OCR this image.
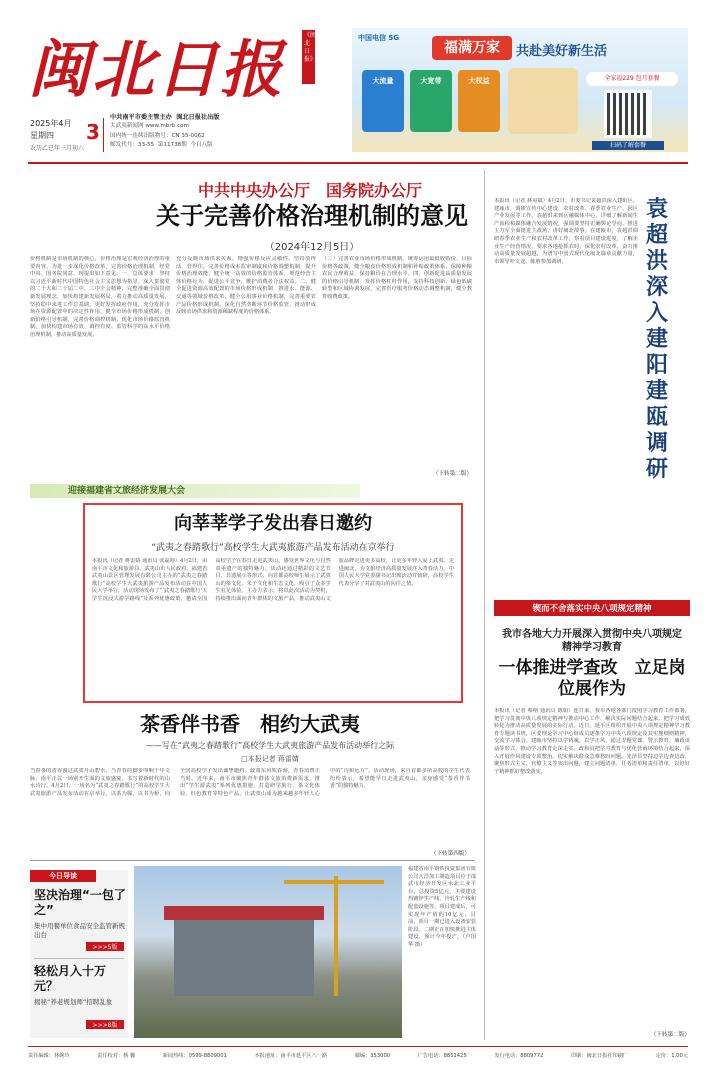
闽北日报	《闽北日报》
2025年4月
星期四
农历乙巳年三月初六
3
中共南平市委主管主办 闽北日报社出版
大武夷新闻网 www.mbrb.com
国内统一连续出版物号：CN 35-0062
邮发代号：33-55 第11738期 今日八版
中国电信 5G
福满万家	共赴美好新生活
大流量	大宽带	大权益	全家福229 包月套餐
扫码了解套餐
中共中央办公厅　国务院办公厅
关于完善价格治理机制的意见
（2024年12月5日）
价格机制是市场机制的核心，价格治理是宏观经济治理的重要内容。为进一步深化价格改革，完善价格治理机制，经党中央、国务院同意，现提出如下意见。一、总体要求　坚持以习近平新时代中国特色社会主义思想为指导，深入贯彻党的二十大和二十届二中、三中全会精神，完整准确全面贯彻新发展理念，加快构建新发展格局，着力推动高质量发展，坚持稳中求进工作总基调，更好发挥政府作用，充分发挥市场在资源配置中的决定性作用，健全市场价格形成机制，创新价格引导机制，完善价格调控机制，优化市场价格监管机制，加快构建市场有效、调控有度、监管科学的高水平价格治理机制，推动高质量发展。
充分反映市场供求关系，增强价格反应灵敏性。坚持放得活、管得住，完善价格成本监审制度和价格调整机制，提升价格治理效能，健全统一高效的价格监管体系，规范经营主体价格行为，促进公平竞争，维护消费者合法权益。二、健全促进资源高效配置的市场价格形成机制　推进水、能源、交通等领域价格改革，健全公用事业价格机制，完善重要农产品价格形成机制，深化自然垄断环节价格监管，推动形成反映市场供求和资源稀缺程度的价格体系。
（三）完善农业市场价格形成机制。统筹运用最低收购价、目标价格等政策，健全粮食价格形成机制和补贴政策体系，保障种粮农民合理收益，保持粮价在合理水平。四、创新促进高质量发展的价格引导机制　发挥价格杠杆作用，支持科技创新、绿色低碳转型和区域协调发展，完善医疗服务价格动态调整机制，健全教育收费政策。
（下转第二版）
本报讯（记者 林易斌）4月2日，市委书记袁超洪深入建阳区、建瓯市，调研宣传中心建设、农村改革、春季农业生产、园区产业发展等工作。袁超洪来到区融媒体中心，详细了解新闻生产流程和媒体融合发展情况，强调要坚持正确舆论导向，推进主力军全面挺进主战场，讲好闽北故事。在建瓯市，袁超洪调研春季农业生产和农村改革工作，察看项目建设进度，了解企业生产经营情况，要求各地抢抓农时、深化农村改革，奋力推动高质量发展超越，为谱写中国式现代化闽北篇章贡献力量。市领导叶文龙、陈胜参加调研。
袁超洪深入建阳建瓯调研
迎接福建省文旅经济发展大会
向莘莘学子发出春日邀约
“武夷之春踏歌行”高校学生大武夷旅游产品发布活动在京举行
本报讯（记者 蒋雷婧 通讯员 张磊婷）4月2日，由南平市文化和旅游局、武夷山市人民政府、福建省武夷山景区管理发展有限公司主办的“武夷之春踏歌行”高校学生大武夷旅游产品发布活动在中国人民大学举行。活动现场发布了“‘武夷之春踏歌行’大学生沉浸式游学路线”及系列优惠政策，邀请全国高校学子在春日走进武夷山，感受世界文化与自然双重遗产的独特魅力。活动还通过精彩的文艺节目、非遗展示等形式，向首都高校师生展示了武夷山的茶文化、朱子文化和生态文化，吸引了众多学生驻足体验。主办方表示，将以此次活动为契机，持续推出面向青年群体的文旅产品，推动武夷山文旅品牌走进更多高校，让更多年轻人爱上武夷、走进闽北，为文旅经济高质量发展注入青春活力。中国人民大学党委副书记出席活动并致辞，高校学生代表分享了对武夷山的向往之情。
茶香伴书香　相约大武夷
——写在“武夷之春踏歌行”高校学生大武夷旅游产品发布活动举行之际
□本报记者 蒋雷婧
当春茶的清香漫过武夷丹山碧水，当青春的脚步叩响千年文脉，南平正以一场别开生面的文旅盛宴，书写着新时代的山水诗行。4月2日，一场名为“武夷之春踏歌行”的高校学生大武夷旅游产品发布活动在京举行，以茶为媒、以书为桥，向全国高校学子发出诚挚邀约。政策东风吹春海，青春消费正当时。近年来，南平市聚焦青年群体文旅消费新需求，推出“学生游武夷”系列优惠措施，打造研学旅行、茶文化体验、红色教育等特色产品，让武夷山成为越来越多年轻人心中的“诗和远方”。活动现场，来自首都多所高校的学生代表纷纷表示，希望能早日走进武夷山，亲身感受“茶香伴书香”的独特魅力。
（下转第四版）
今日导读
坚决治理“一包了之”
集中用餐单位食品安全监管新规出台
>>>5版
轻松月入十万元？
揭秘“养老规划师”招聘乱象
>>>8版
福建省南平钢铁投资集团有限公司大洋加工制造项目位于邵武市经济开发区水北工业平台，总投资5亿元，主要建设热镀锌生产线、冷轧生产线和配套设施等。项目建成后，可实现年产值约10亿元。目前，项目一期已进入设备安装阶段，二期正在加快推进主体建设，预计今年投产。（卢国华 摄）
锲而不舍落实中央八项规定精神
我市各地大力开展深入贯彻中央八项规定精神学习教育
一体推进学查改　立足岗位展作为
本报讯（记者 蔡榕 通讯员 陈娟）连日来，我市各地各部门按照学习教育工作部署，把学习贯彻中央八项规定精神与推动中心工作、解决实际问题结合起来，把学习成效转化为推动高质量发展的实际行动。近日，延平区组织开展中央八项规定精神学习教育专题读书班，区委理论学习中心组成员逐条学习中央八项规定及其实施细则精神，交流学习体会。建瓯市坚持以学铸魂、以学正风，通过专题党课、警示教育、廉政谈话等形式，推动学习教育走深走实。政和县把学习教育与优化营商环境结合起来，深入开展作风建设专项整治，切实解决群众急难愁盼问题。光泽县坚持边学边查边改，聚焦形式主义、官僚主义等突出问题，建立问题清单、任务清单和责任清单，以钉钉子精神抓好整改落实。
（下转第二版）
责任编辑：林婉玲	责任校对：杨 馨	新闻热线：0599-8809001	本报地址：南平市延平区八一路	邮编：353000	广告电话：8851425	发行电话：8809772	印刷：闽北日报社印刷厂	定价：1.00元
